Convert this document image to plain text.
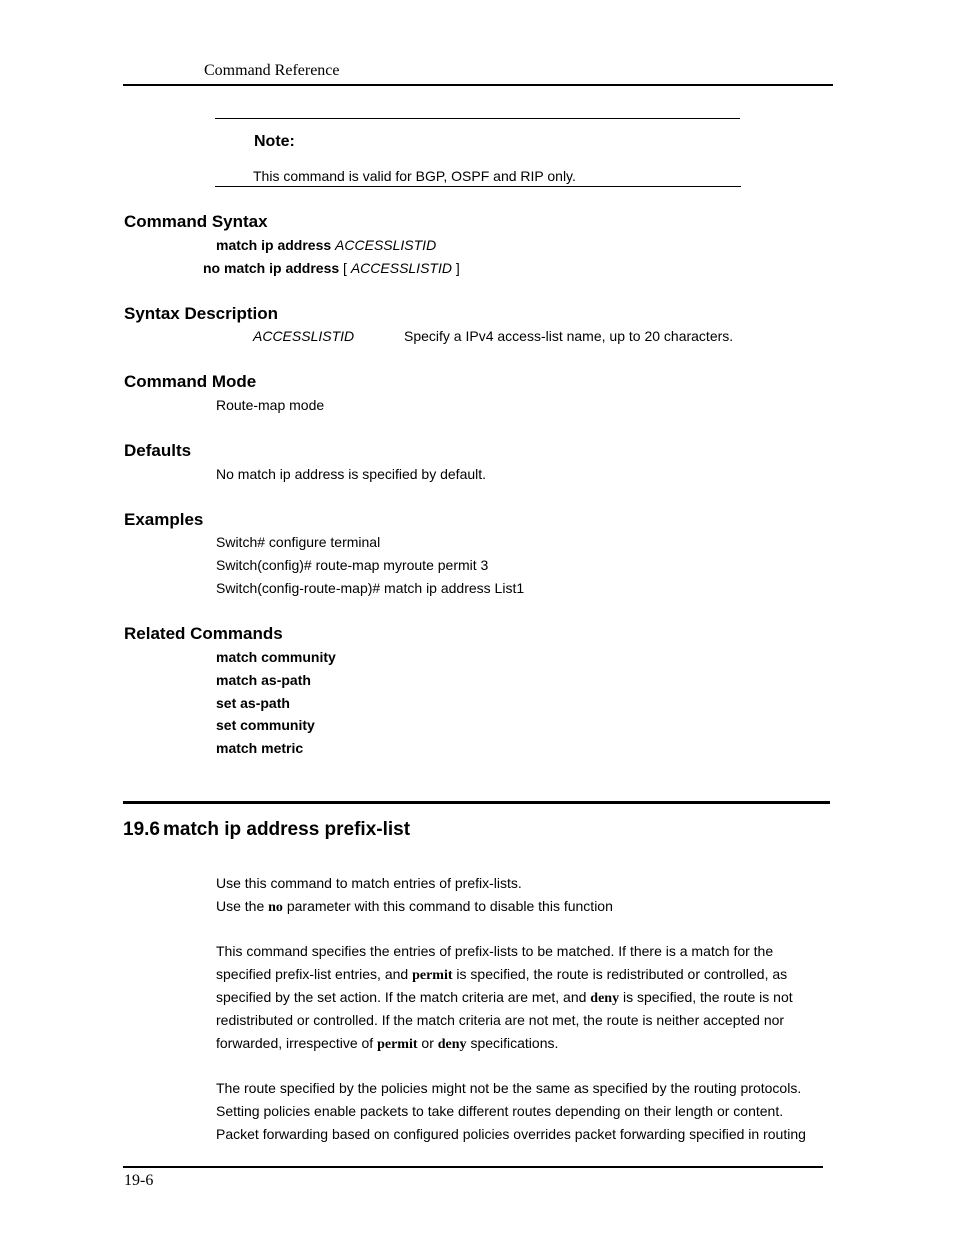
Command Reference
Note:
This command is valid for BGP, OSPF and RIP only.
Command Syntax
match ip address ACCESSLISTID
no match ip address [ ACCESSLISTID ]
Syntax Description
ACCESSLISTID	Specify a IPv4 access-list name, up to 20 characters.
Command Mode
Route-map mode
Defaults
No match ip address is specified by default.
Examples
Switch# configure terminal
Switch(config)# route-map myroute permit 3
Switch(config-route-map)# match ip address List1
Related Commands
match community
match as-path
set as-path
set community
match metric
19.6 match ip address prefix-list
Use this command to match entries of prefix-lists.
Use the no parameter with this command to disable this function
This command specifies the entries of prefix-lists to be matched. If there is a match for the
specified prefix-list entries, and permit is specified, the route is redistributed or controlled, as
specified by the set action. If the match criteria are met, and deny is specified, the route is not
redistributed or controlled. If the match criteria are not met, the route is neither accepted nor
forwarded, irrespective of permit or deny specifications.
The route specified by the policies might not be the same as specified by the routing protocols.
Setting policies enable packets to take different routes depending on their length or content.
Packet forwarding based on configured policies overrides packet forwarding specified in routing
19-6
